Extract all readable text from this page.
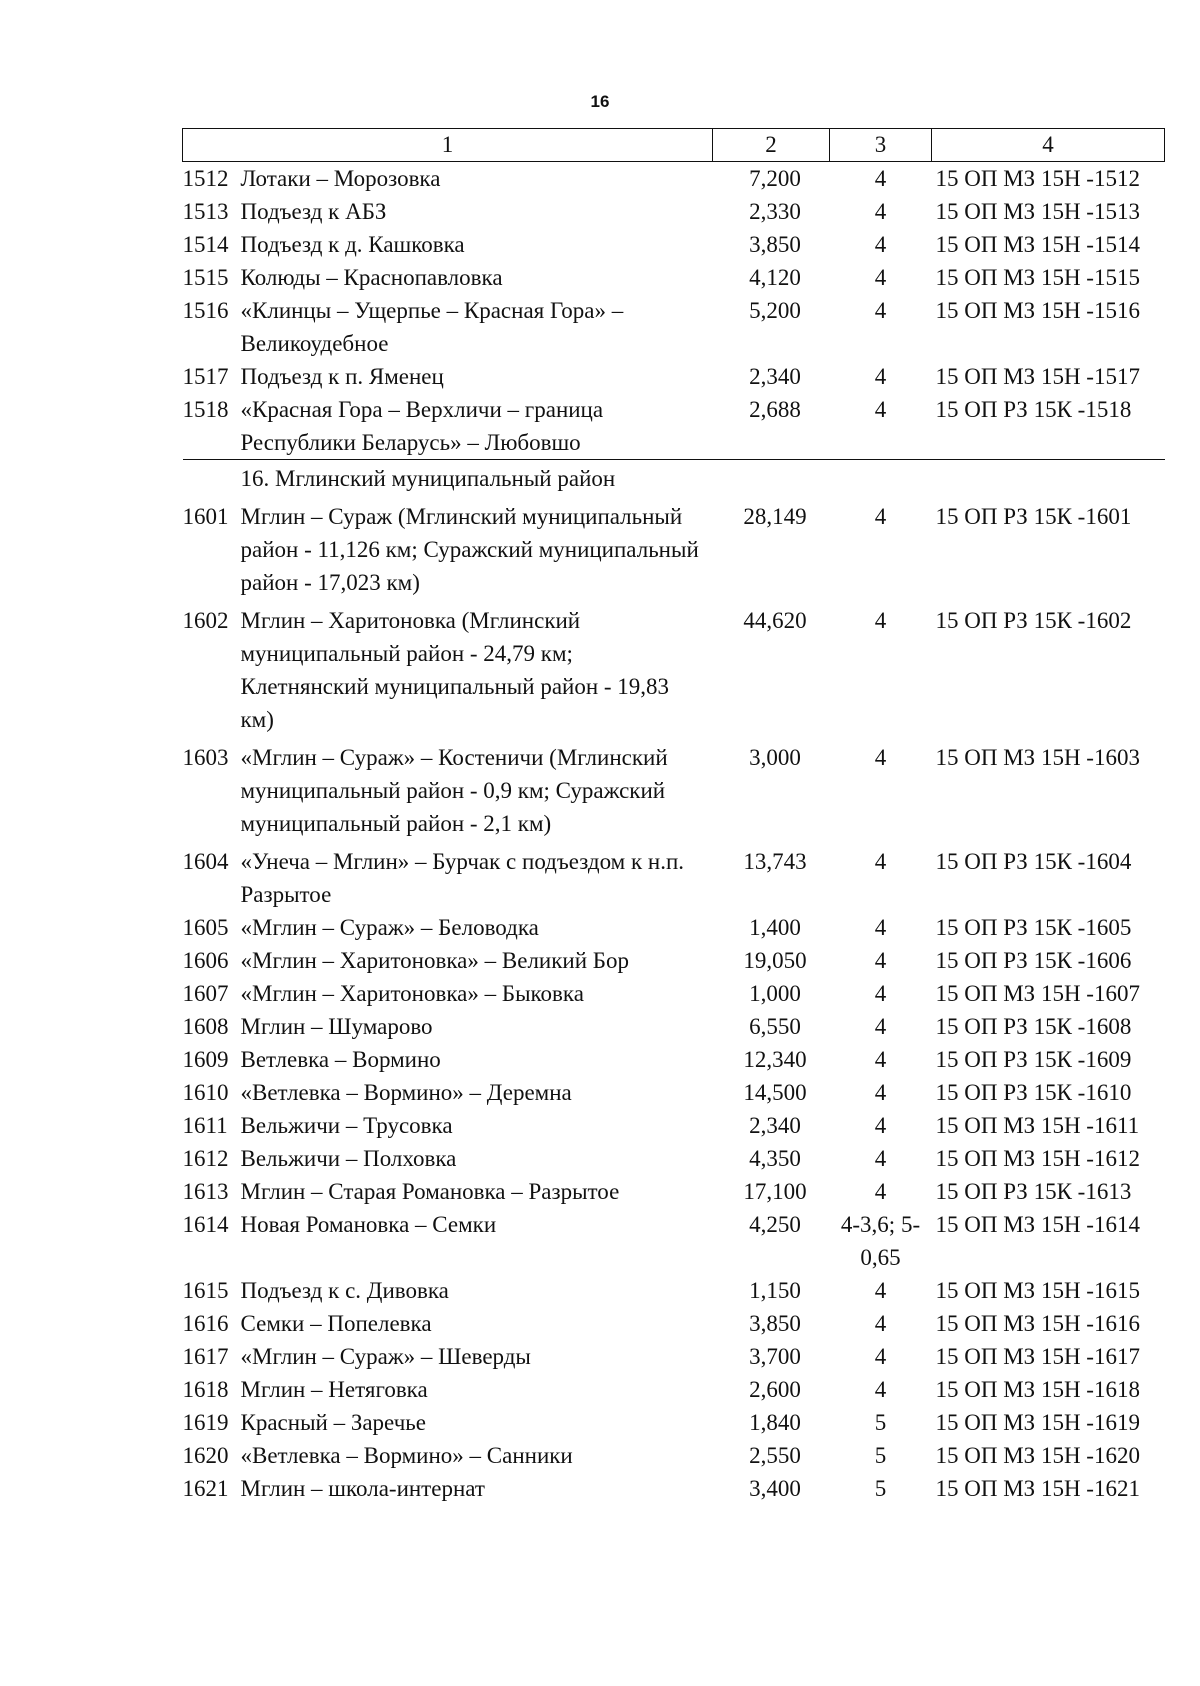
16
1	2	3	4
1512 Лотаки – Морозовка	7,200	4	15 ОП МЗ 15Н -1512
1513 Подъезд к АБЗ	2,330	4	15 ОП МЗ 15Н -1513
1514 Подъезд к д. Кашковка	3,850	4	15 ОП МЗ 15Н -1514
1515 Колюды – Краснопавловка	4,120	4	15 ОП МЗ 15Н -1515
1516 «Клинцы – Ущерпье – Красная Гора» – Великоудебное	5,200	4	15 ОП МЗ 15Н -1516
1517 Подъезд к п. Яменец	2,340	4	15 ОП МЗ 15Н -1517
1518 «Красная Гора – Верхличи – граница Республики Беларусь» – Любовшо	2,688	4	15 ОП РЗ 15К -1518

16. Мглинский муниципальный район			

1601 Мглин – Сураж (Мглинский муниципальный район - 11,126 км; Суражский муниципальный район - 17,023 км)	28,149	4	15 ОП РЗ 15К -1601
1602 Мглин – Харитоновка (Мглинский муниципальный район - 24,79 км; Клетнянский муниципальный район - 19,83 км)	44,620	4	15 ОП РЗ 15К -1602
1603 «Мглин – Сураж» – Костеничи (Мглинский муниципальный район - 0,9 км; Суражский муниципальный район - 2,1 км)	3,000	4	15 ОП МЗ 15Н -1603
1604 «Унеча – Мглин» – Бурчак с подъездом к н.п. Разрытое	13,743	4	15 ОП РЗ 15К -1604
1605 «Мглин – Сураж» – Беловодка	1,400	4	15 ОП РЗ 15К -1605
1606 «Мглин – Харитоновка» – Великий Бор	19,050	4	15 ОП РЗ 15К -1606
1607 «Мглин – Харитоновка» – Быковка	1,000	4	15 ОП МЗ 15Н -1607
1608 Мглин – Шумарово	6,550	4	15 ОП РЗ 15К -1608
1609 Ветлевка – Вормино	12,340	4	15 ОП РЗ 15К -1609
1610 «Ветлевка – Вормино» – Деремна	14,500	4	15 ОП РЗ 15К -1610
1611 Вельжичи – Трусовка	2,340	4	15 ОП МЗ 15Н -1611
1612 Вельжичи – Полховка	4,350	4	15 ОП МЗ 15Н -1612
1613 Мглин – Старая Романовка – Разрытое	17,100	4	15 ОП РЗ 15К -1613
1614 Новая Романовка – Семки	4,250	4-3,6; 5-0,65	15 ОП МЗ 15Н -1614
1615 Подъезд к с. Дивовка	1,150	4	15 ОП МЗ 15Н -1615
1616 Семки – Попелевка	3,850	4	15 ОП МЗ 15Н -1616
1617 «Мглин – Сураж» – Шеверды	3,700	4	15 ОП МЗ 15Н -1617
1618 Мглин – Нетяговка	2,600	4	15 ОП МЗ 15Н -1618
1619 Красный – Заречье	1,840	5	15 ОП МЗ 15Н -1619
1620 «Ветлевка – Вормино» – Санники	2,550	5	15 ОП МЗ 15Н -1620
1621 Мглин – школа-интернат	3,400	5	15 ОП МЗ 15Н -1621
